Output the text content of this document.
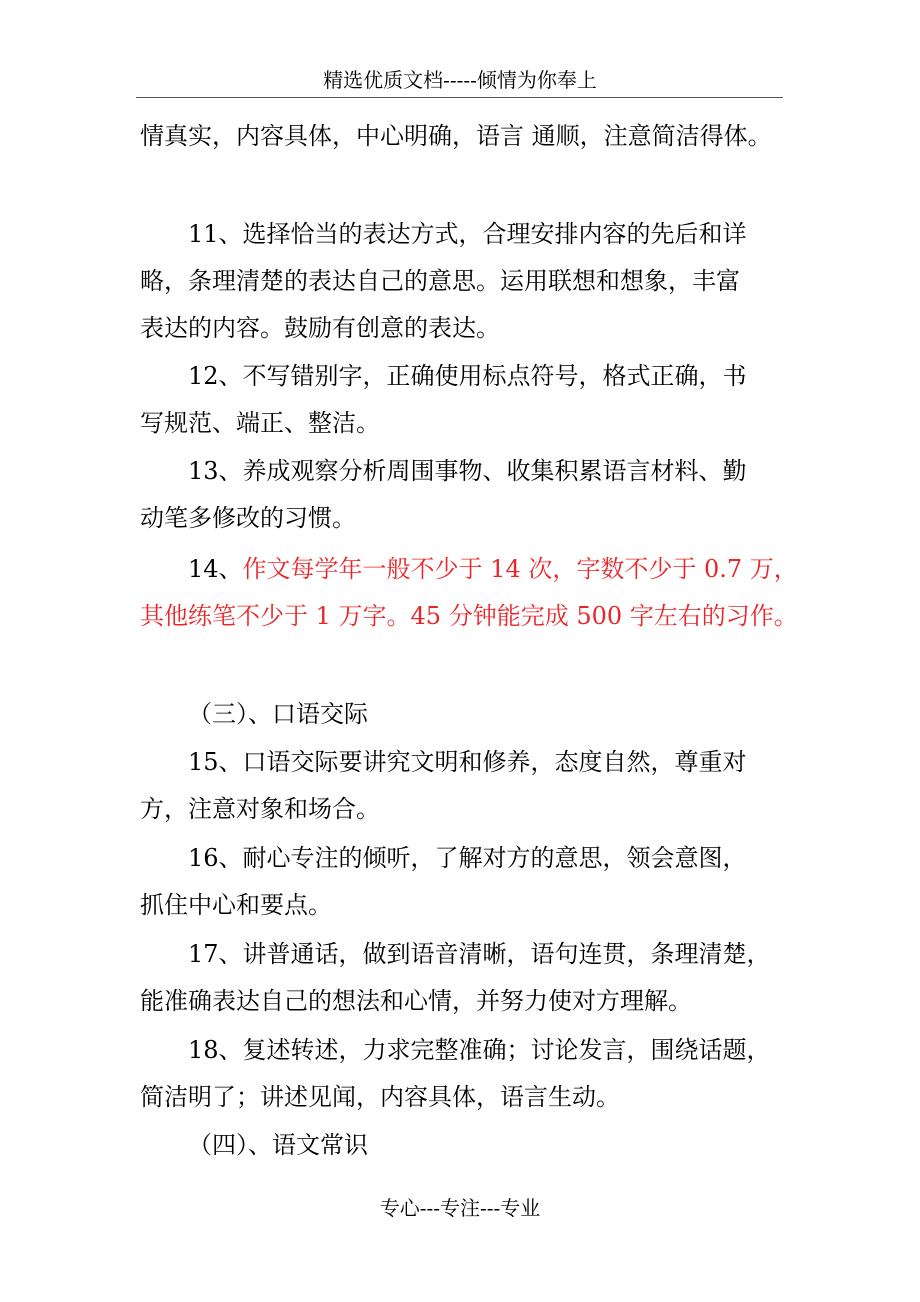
精选优质文档-----倾情为你奉上
情真实，内容具体，中心明确，语言 通顺，注意简洁得体。
11、选择恰当的表达方式，合理安排内容的先后和详
略，条理清楚的表达自己的意思。运用联想和想象，丰富
表达的内容。鼓励有创意的表达。
12、不写错别字，正确使用标点符号，格式正确，书
写规范、端正、整洁。
13、养成观察分析周围事物、收集积累语言材料、勤
动笔多修改的习惯。
14、作文每学年一般不少于 14 次，字数不少于 0.7 万，
其他练笔不少于 1 万字。45 分钟能完成 500 字左右的习作。
（三）、口语交际
15、口语交际要讲究文明和修养，态度自然，尊重对
方，注意对象和场合。
16、耐心专注的倾听，了解对方的意思，领会意图，
抓住中心和要点。
17、讲普通话，做到语音清晰，语句连贯，条理清楚，
能准确表达自己的想法和心情，并努力使对方理解。
18、复述转述，力求完整准确；讨论发言，围绕话题，
简洁明了；讲述见闻，内容具体，语言生动。
（四）、语文常识
专心---专注---专业
